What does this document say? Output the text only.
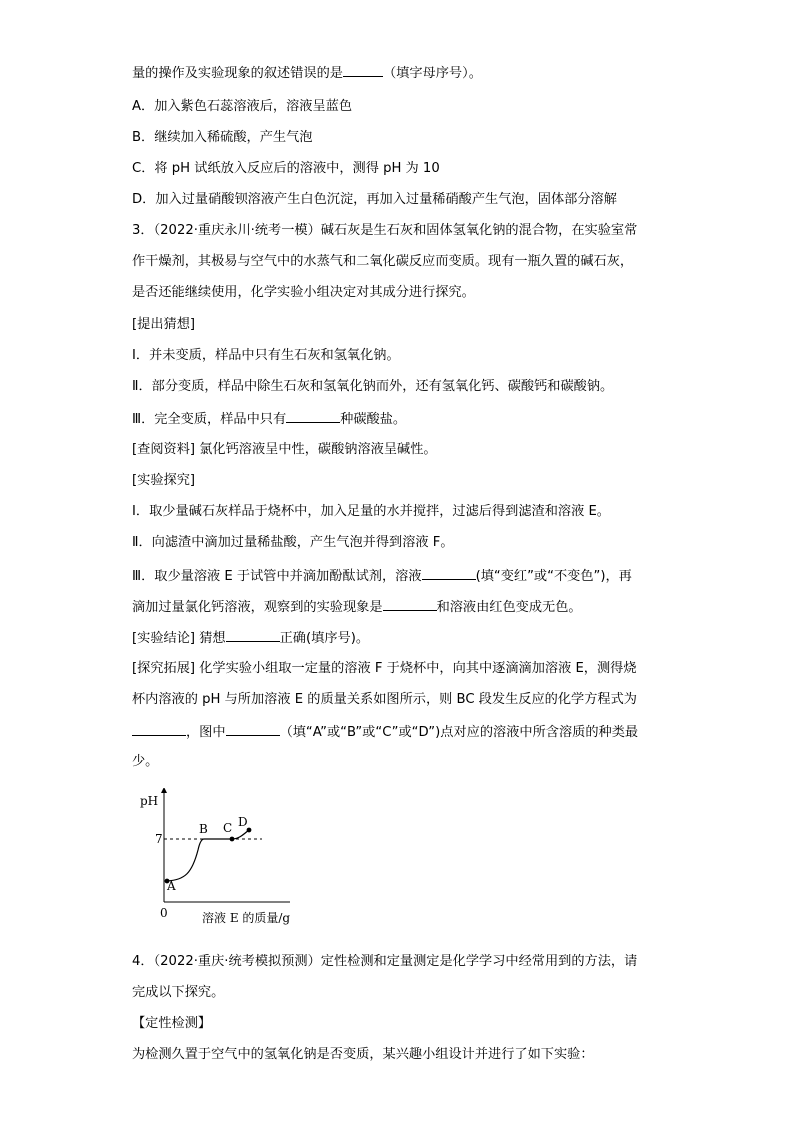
量的操作及实验现象的叙述错误的是	（填字母序号）。
A．加入紫色石蕊溶液后，溶液呈蓝色
B．继续加入稀硫酸，产生气泡
C．将 pH 试纸放入反应后的溶液中，测得 pH 为 10
D．加入过量硝酸钡溶液产生白色沉淀，再加入过量稀硝酸产生气泡，固体部分溶解
3．（2022·重庆永川·统考一模）碱石灰是生石灰和固体氢氧化钠的混合物，在实验室常
作干燥剂，其极易与空气中的水蒸气和二氧化碳反应而变质。现有一瓶久置的碱石灰，
是否还能继续使用，化学实验小组决定对其成分进行探究。
[提出猜想]
Ⅰ．并未变质，样品中只有生石灰和氢氧化钠。
Ⅱ．部分变质，样品中除生石灰和氢氧化钠而外，还有氢氧化钙、碳酸钙和碳酸钠。
Ⅲ．完全变质，样品中只有	种碳酸盐。
[查阅资料] 氯化钙溶液呈中性，碳酸钠溶液呈碱性。
[实验探究]
Ⅰ．取少量碱石灰样品于烧杯中，加入足量的水并搅拌，过滤后得到滤渣和溶液 E。
Ⅱ．向滤渣中滴加过量稀盐酸，产生气泡并得到溶液 F。
Ⅲ．取少量溶液 E 于试管中并滴加酚酞试剂，溶液	(填“变红”或“不变色”)，再
滴加过量氯化钙溶液，观察到的实验现象是	和溶液由红色变成无色。
[实验结论] 猜想	正确(填序号)。
[探究拓展] 化学实验小组取一定量的溶液 F 于烧杯中，向其中逐滴滴加溶液 E，测得烧
杯内溶液的 pH 与所加溶液 E 的质量关系如图所示，则 BC 段发生反应的化学方程式为
，图中	（填“A”或“B”或“C”或“D”)点对应的溶液中所含溶质的种类最
少。
pH
7
0
A
B C D
溶液 E 的质量/g
4．（2022·重庆·统考模拟预测）定性检测和定量测定是化学学习中经常用到的方法，请
完成以下探究。
【定性检测】
为检测久置于空气中的氢氧化钠是否变质，某兴趣小组设计并进行了如下实验：
